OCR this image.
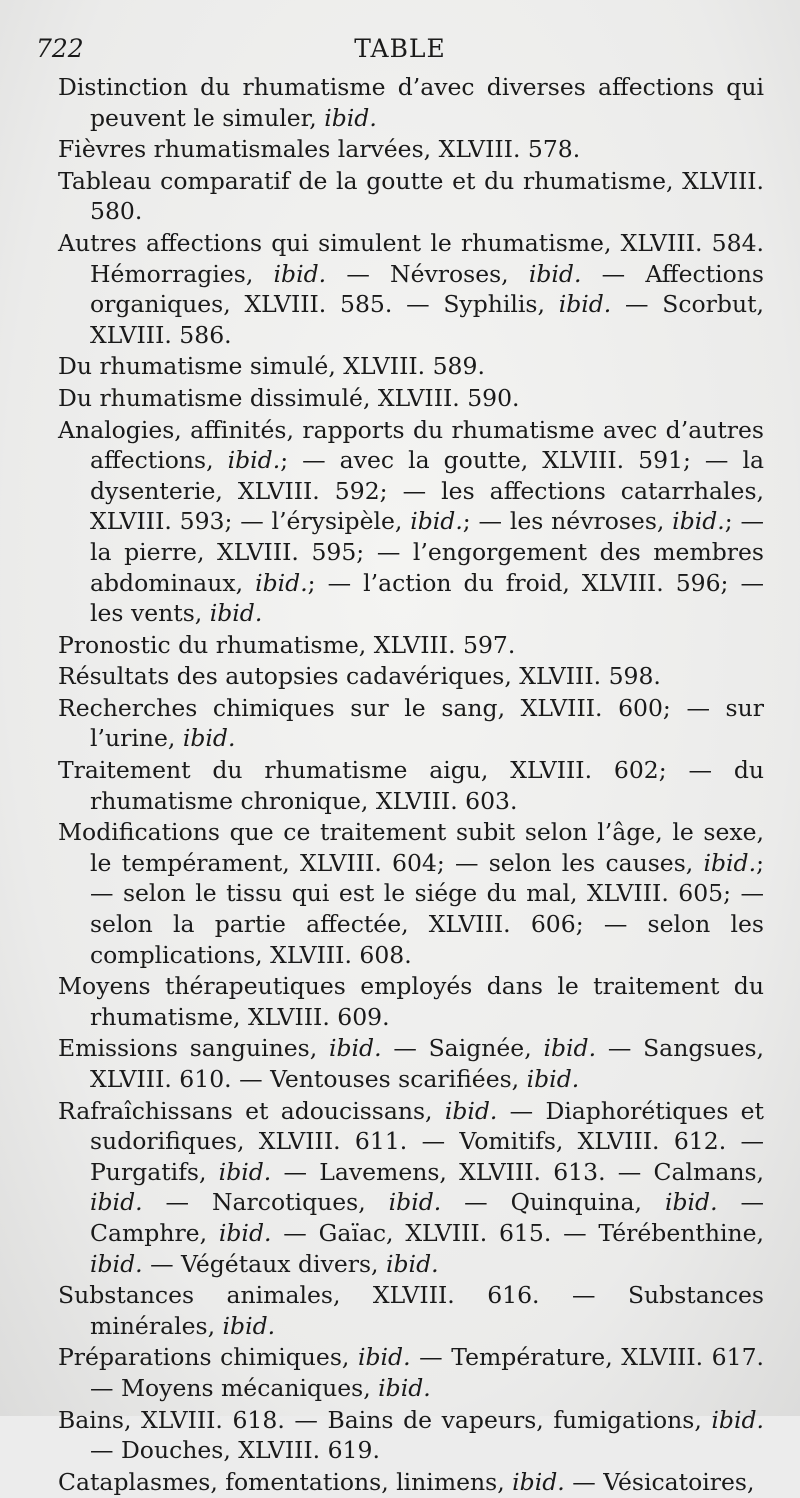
722	TABLE

Distinction du rhumatisme d’avec diverses affections qui peuvent le simuler, ibid.

Fièvres rhumatismales larvées, XLVIII. 578.

Tableau comparatif de la goutte et du rhumatisme, XLVIII. 580.

Autres affections qui simulent le rhumatisme, XLVIII. 584. Hémorragies, ibid. — Névroses, ibid. — Affections organiques, XLVIII. 585. — Syphilis, ibid. — Scorbut, XLVIII. 586.

Du rhumatisme simulé, XLVIII. 589.

Du rhumatisme dissimulé, XLVIII. 590.

Analogies, affinités, rapports du rhumatisme avec d’autres affections, ibid.; — avec la goutte, XLVIII. 591; — la dysenterie, XLVIII. 592; — les affections catarrhales, XLVIII. 593; — l’érysipèle, ibid.; — les névroses, ibid.; — la pierre, XLVIII. 595; — l’engorgement des membres abdominaux, ibid.; — l’action du froid, XLVIII. 596; — les vents, ibid.

Pronostic du rhumatisme, XLVIII. 597.

Résultats des autopsies cadavériques, XLVIII. 598.

Recherches chimiques sur le sang, XLVIII. 600; — sur l’urine, ibid.

Traitement du rhumatisme aigu, XLVIII. 602; — du rhumatisme chronique, XLVIII. 603.

Modifications que ce traitement subit selon l’âge, le sexe, le tempérament, XLVIII. 604; — selon les causes, ibid.; — selon le tissu qui est le siége du mal, XLVIII. 605; — selon la partie affectée, XLVIII. 606; — selon les complications, XLVIII. 608.

Moyens thérapeutiques employés dans le traitement du rhumatisme, XLVIII. 609.

Emissions sanguines, ibid. — Saignée, ibid. — Sangsues, XLVIII. 610. — Ventouses scarifiées, ibid.

Rafraîchissans et adoucissans, ibid. — Diaphorétiques et sudorifiques, XLVIII. 611. — Vomitifs, XLVIII. 612. — Purgatifs, ibid. — Lavemens, XLVIII. 613. — Calmans, ibid. — Narcotiques, ibid. — Quinquina, ibid. — Camphre, ibid. — Gaïac, XLVIII. 615. — Térébenthine, ibid. — Végétaux divers, ibid.

Substances animales, XLVIII. 616. — Substances minérales, ibid.

Préparations chimiques, ibid. — Température, XLVIII. 617. — Moyens mécaniques, ibid.

Bains, XLVIII. 618. — Bains de vapeurs, fumigations, ibid. — Douches, XLVIII. 619.

Cataplasmes, fomentations, linimens, ibid. — Vésicatoires,
